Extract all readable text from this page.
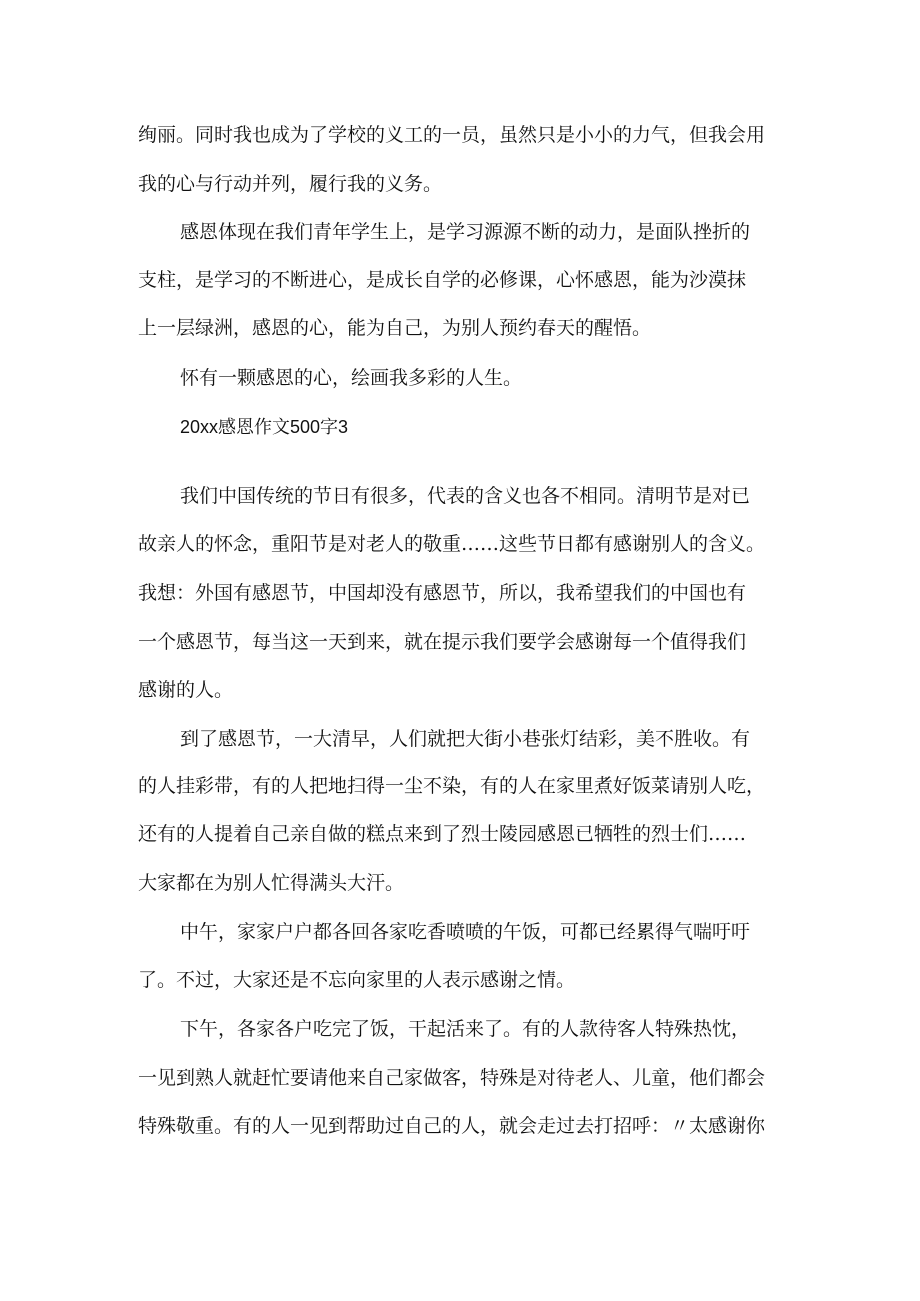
绚丽。同时我也成为了学校的义工的一员，虽然只是小小的力气，但我会用
我的心与行动并列，履行我的义务。
感恩体现在我们青年学生上，是学习源源不断的动力，是面队挫折的
支柱，是学习的不断进心，是成长自学的必修课，心怀感恩，能为沙漠抹
上一层绿洲，感恩的心，能为自己，为别人预约春天的醒悟。
怀有一颗感恩的心，绘画我多彩的人生。
20xx感恩作文500字3
我们中国传统的节日有很多，代表的含义也各不相同。清明节是对已
故亲人的怀念，重阳节是对老人的敬重……这些节日都有感谢别人的含义。
我想：外国有感恩节，中国却没有感恩节，所以，我希望我们的中国也有
一个感恩节，每当这一天到来，就在提示我们要学会感谢每一个值得我们
感谢的人。
到了感恩节，一大清早，人们就把大街小巷张灯结彩，美不胜收。有
的人挂彩带，有的人把地扫得一尘不染，有的人在家里煮好饭菜请别人吃，
还有的人提着自己亲自做的糕点来到了烈士陵园感恩已牺牲的烈士们……
大家都在为别人忙得满头大汗。
中午，家家户户都各回各家吃香喷喷的午饭，可都已经累得气喘吁吁
了。不过，大家还是不忘向家里的人表示感谢之情。
下午，各家各户吃完了饭，干起活来了。有的人款待客人特殊热忱，
一见到熟人就赶忙要请他来自己家做客，特殊是对待老人、儿童，他们都会
特殊敬重。有的人一见到帮助过自己的人，就会走过去打招呼：〃太感谢你
